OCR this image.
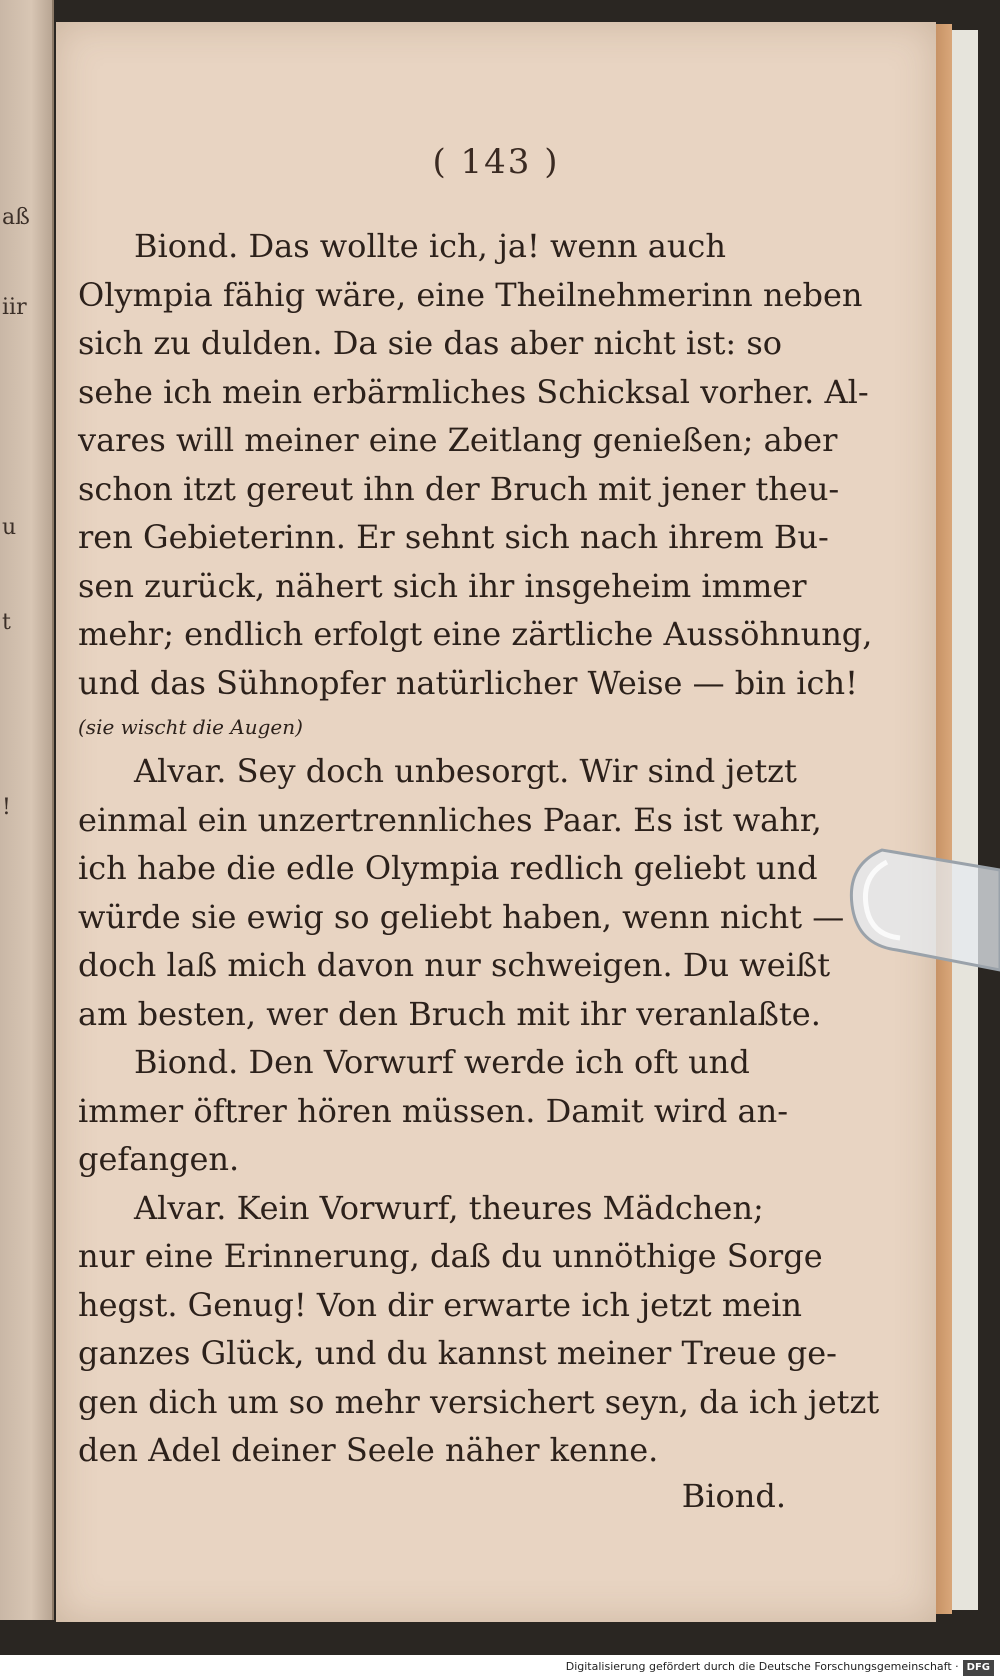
aß
iir
u
t
!
( 143 )

Biond. Das wollte ich, ja! wenn auch
Olympia fähig wäre, eine Theilnehmerinn neben
sich zu dulden. Da sie das aber nicht ist: so
sehe ich mein erbärmliches Schicksal vorher. Al-
vares will meiner eine Zeitlang genießen; aber
schon itzt gereut ihn der Bruch mit jener theu-
ren Gebieterinn. Er sehnt sich nach ihrem Bu-
sen zurück, nähert sich ihr insgeheim immer
mehr; endlich erfolgt eine zärtliche Aussöhnung,
und das Sühnopfer natürlicher Weise — bin ich!
(sie wischt die Augen)

Alvar. Sey doch unbesorgt. Wir sind jetzt
einmal ein unzertrennliches Paar. Es ist wahr,
ich habe die edle Olympia redlich geliebt und
würde sie ewig so geliebt haben, wenn nicht —
doch laß mich davon nur schweigen. Du weißt
am besten, wer den Bruch mit ihr veranlaßte.

Biond. Den Vorwurf werde ich oft und
immer öftrer hören müssen. Damit wird an-
gefangen.

Alvar. Kein Vorwurf, theures Mädchen;
nur eine Erinnerung, daß du unnöthige Sorge
hegst. Genug! Von dir erwarte ich jetzt mein
ganzes Glück, und du kannst meiner Treue ge-
gen dich um so mehr versichert seyn, da ich jetzt
den Adel deiner Seele näher kenne.

Biond.
Digitalisierung gefördert durch die Deutsche Forschungsgemeinschaft · DFG
